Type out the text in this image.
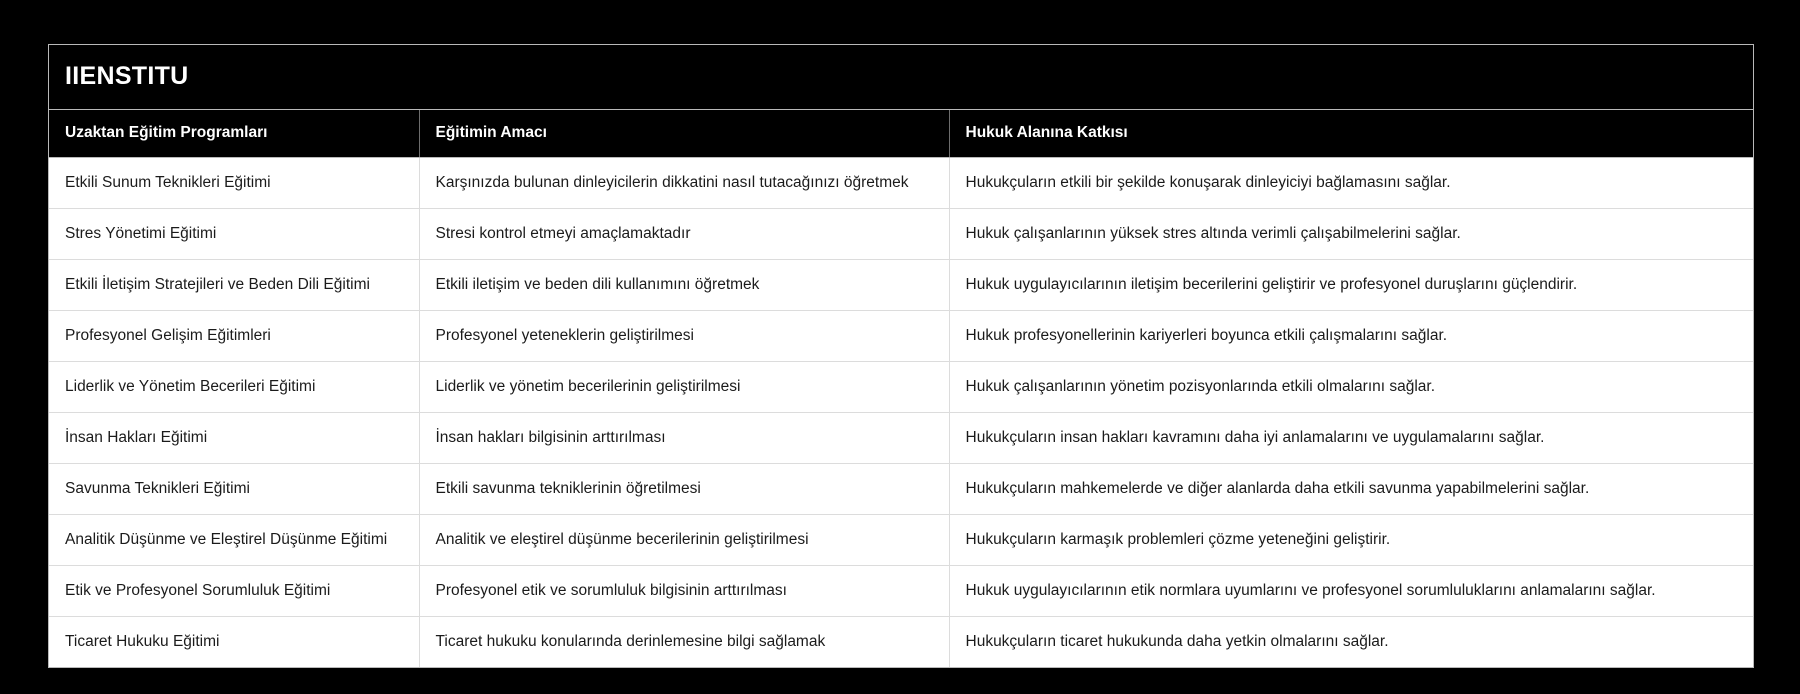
IIENSTITU
Uzaktan Eğitim Programları	Eğitimin Amacı	Hukuk Alanına Katkısı
Etkili Sunum Teknikleri Eğitimi	Karşınızda bulunan dinleyicilerin dikkatini nasıl tutacağınızı öğretmek	Hukukçuların etkili bir şekilde konuşarak dinleyiciyi bağlamasını sağlar.
Stres Yönetimi Eğitimi	Stresi kontrol etmeyi amaçlamaktadır	Hukuk çalışanlarının yüksek stres altında verimli çalışabilmelerini sağlar.
Etkili İletişim Stratejileri ve Beden Dili Eğitimi	Etkili iletişim ve beden dili kullanımını öğretmek	Hukuk uygulayıcılarının iletişim becerilerini geliştirir ve profesyonel duruşlarını güçlendirir.
Profesyonel Gelişim Eğitimleri	Profesyonel yeteneklerin geliştirilmesi	Hukuk profesyonellerinin kariyerleri boyunca etkili çalışmalarını sağlar.
Liderlik ve Yönetim Becerileri Eğitimi	Liderlik ve yönetim becerilerinin geliştirilmesi	Hukuk çalışanlarının yönetim pozisyonlarında etkili olmalarını sağlar.
İnsan Hakları Eğitimi	İnsan hakları bilgisinin arttırılması	Hukukçuların insan hakları kavramını daha iyi anlamalarını ve uygulamalarını sağlar.
Savunma Teknikleri Eğitimi	Etkili savunma tekniklerinin öğretilmesi	Hukukçuların mahkemelerde ve diğer alanlarda daha etkili savunma yapabilmelerini sağlar.
Analitik Düşünme ve Eleştirel Düşünme Eğitimi	Analitik ve eleştirel düşünme becerilerinin geliştirilmesi	Hukukçuların karmaşık problemleri çözme yeteneğini geliştirir.
Etik ve Profesyonel Sorumluluk Eğitimi	Profesyonel etik ve sorumluluk bilgisinin arttırılması	Hukuk uygulayıcılarının etik normlara uyumlarını ve profesyonel sorumluluklarını anlamalarını sağlar.
Ticaret Hukuku Eğitimi	Ticaret hukuku konularında derinlemesine bilgi sağlamak	Hukukçuların ticaret hukukunda daha yetkin olmalarını sağlar.
